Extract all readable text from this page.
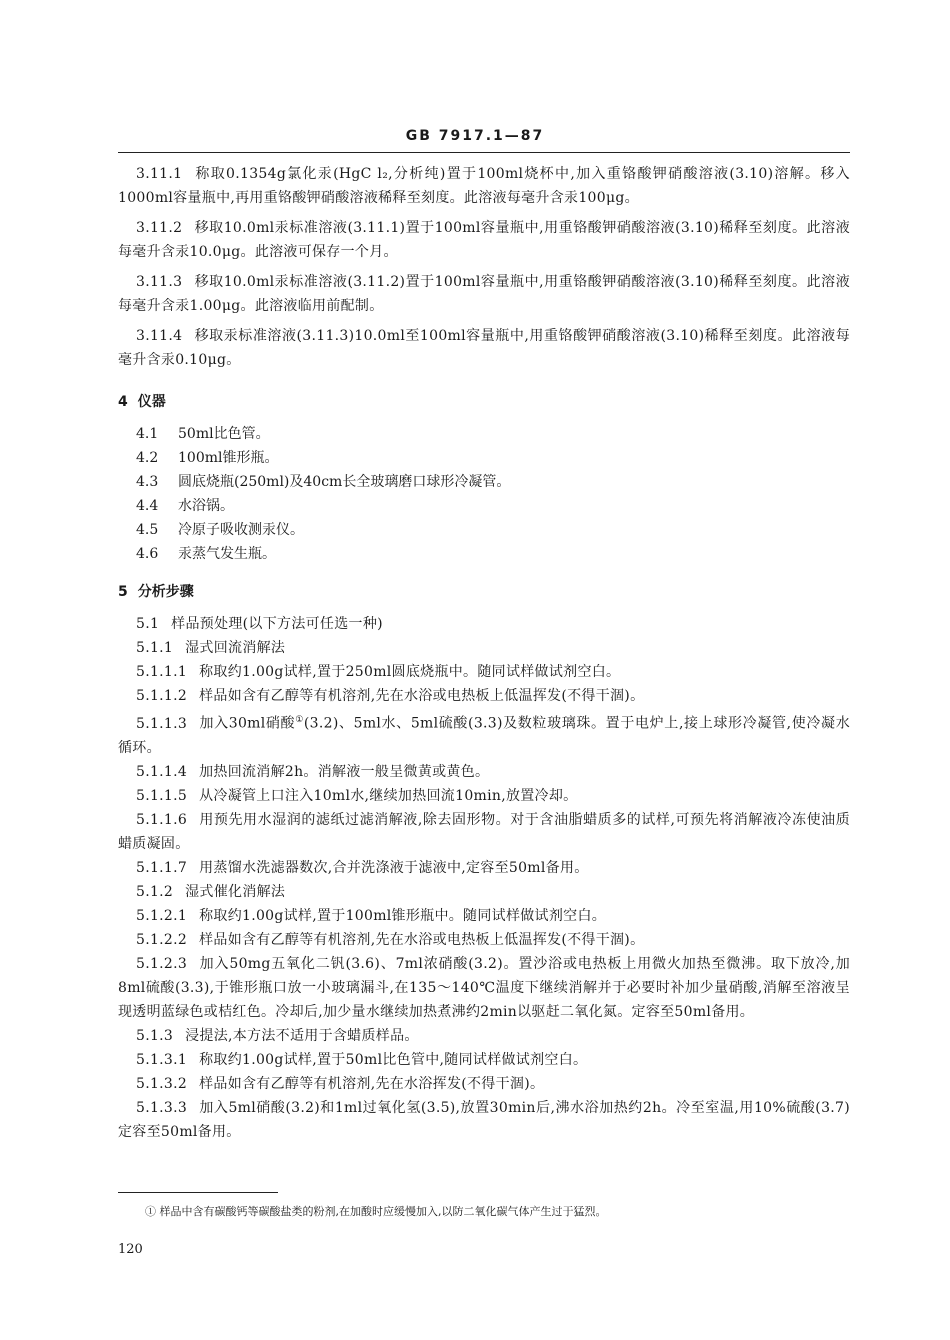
GB 7917.1—87

3.11.1 称取0.1354g氯化汞(HgC l₂,分析纯)置于100ml烧杯中,加入重铬酸钾硝酸溶液(3.10)溶解。移入1000ml容量瓶中,再用重铬酸钾硝酸溶液稀释至刻度。此溶液每毫升含汞100μg。

3.11.2 移取10.0ml汞标准溶液(3.11.1)置于100ml容量瓶中,用重铬酸钾硝酸溶液(3.10)稀释至刻度。此溶液每毫升含汞10.0μg。此溶液可保存一个月。

3.11.3 移取10.0ml汞标准溶液(3.11.2)置于100ml容量瓶中,用重铬酸钾硝酸溶液(3.10)稀释至刻度。此溶液每毫升含汞1.00μg。此溶液临用前配制。

3.11.4 移取汞标准溶液(3.11.3)10.0ml至100ml容量瓶中,用重铬酸钾硝酸溶液(3.10)稀释至刻度。此溶液每毫升含汞0.10μg。

4 仪器
4.1 50ml比色管。
4.2 100ml锥形瓶。
4.3 圆底烧瓶(250ml)及40cm长全玻璃磨口球形冷凝管。
4.4 水浴锅。
4.5 冷原子吸收测汞仪。
4.6 汞蒸气发生瓶。
5 分析步骤

5.1 样品预处理(以下方法可任选一种)

5.1.1 湿式回流消解法

5.1.1.1 称取约1.00g试样,置于250ml圆底烧瓶中。随同试样做试剂空白。

5.1.1.2 样品如含有乙醇等有机溶剂,先在水浴或电热板上低温挥发(不得干涸)。

5.1.1.3 加入30ml硝酸①(3.2)、5ml水、5ml硫酸(3.3)及数粒玻璃珠。置于电炉上,接上球形冷凝管,使冷凝水循环。

5.1.1.4 加热回流消解2h。消解液一般呈微黄或黄色。

5.1.1.5 从冷凝管上口注入10ml水,继续加热回流10min,放置冷却。

5.1.1.6 用预先用水湿润的滤纸过滤消解液,除去固形物。对于含油脂蜡质多的试样,可预先将消解液冷冻使油质蜡质凝固。

5.1.1.7 用蒸馏水洗滤器数次,合并洗涤液于滤液中,定容至50ml备用。

5.1.2 湿式催化消解法

5.1.2.1 称取约1.00g试样,置于100ml锥形瓶中。随同试样做试剂空白。

5.1.2.2 样品如含有乙醇等有机溶剂,先在水浴或电热板上低温挥发(不得干涸)。

5.1.2.3 加入50mg五氧化二钒(3.6)、7ml浓硝酸(3.2)。置沙浴或电热板上用微火加热至微沸。取下放冷,加8ml硫酸(3.3),于锥形瓶口放一小玻璃漏斗,在135～140℃温度下继续消解并于必要时补加少量硝酸,消解至溶液呈现透明蓝绿色或桔红色。冷却后,加少量水继续加热煮沸约2min以驱赶二氧化氮。定容至50ml备用。

5.1.3 浸提法,本方法不适用于含蜡质样品。

5.1.3.1 称取约1.00g试样,置于50ml比色管中,随同试样做试剂空白。

5.1.3.2 样品如含有乙醇等有机溶剂,先在水浴挥发(不得干涸)。

5.1.3.3 加入5ml硝酸(3.2)和1ml过氧化氢(3.5),放置30min后,沸水浴加热约2h。冷至室温,用10%硫酸(3.7)定容至50ml备用。

① 样品中含有碳酸钙等碳酸盐类的粉剂,在加酸时应缓慢加入,以防二氧化碳气体产生过于猛烈。
120
